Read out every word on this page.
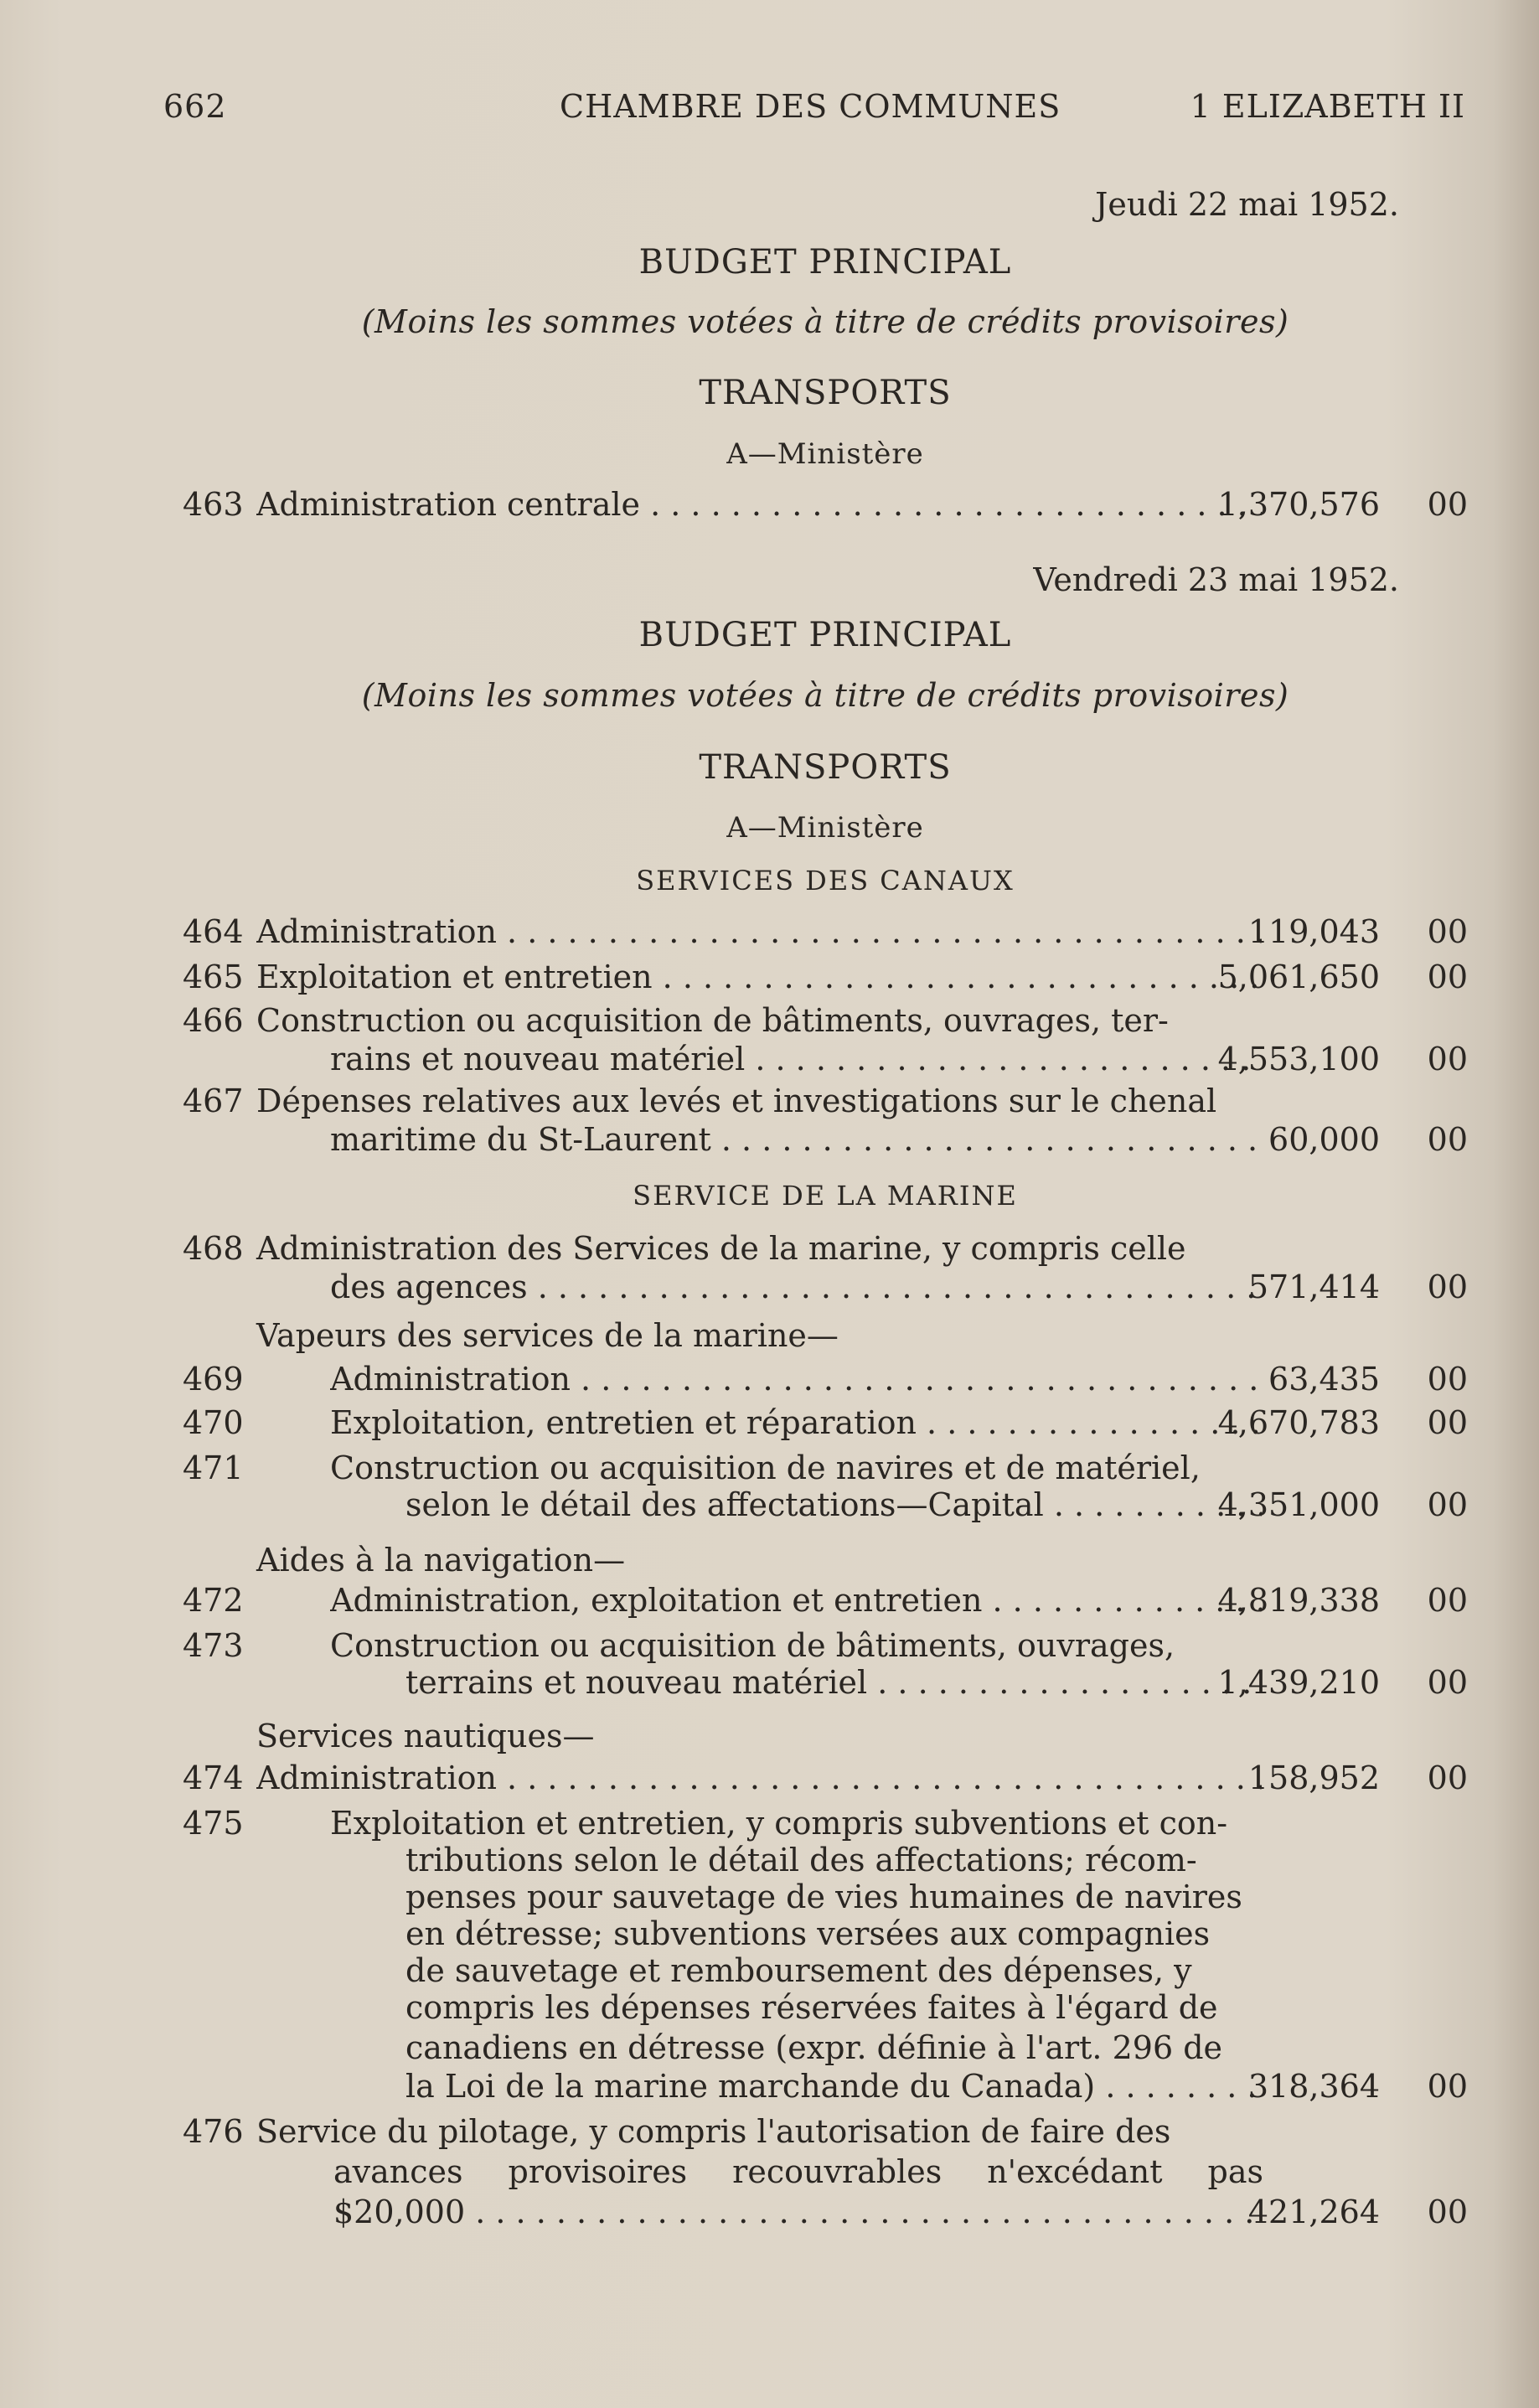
662	CHAMBRE DES COMMUNES	1 ELIZABETH II
Jeudi 22 mai 1952.
BUDGET PRINCIPAL
(Moins les sommes votées à titre de crédits provisoires)
TRANSPORTS
A—Ministère
463 Administration centrale . . .	1,370,576 00
Vendredi 23 mai 1952.
BUDGET PRINCIPAL
(Moins les sommes votées à titre de crédits provisoires)
TRANSPORTS
A—Ministère
SERVICES DES CANAUX
464 Administration . . .	119,043 00
465 Exploitation et entretien . . .	5,061,650 00
466 Construction ou acquisition de bâtiments, ouvrages, ter-
rains et nouveau matériel . . .	4,553,100 00
467 Dépenses relatives aux levés et investigations sur le chenal
maritime du St-Laurent . . .	60,000 00
SERVICE DE LA MARINE
468 Administration des Services de la marine, y compris celle
des agences . . .	571,414 00
Vapeurs des services de la marine—
469	Administration . . .	63,435 00
470	Exploitation, entretien et réparation . . .	4,670,783 00
471	Construction ou acquisition de navires et de matériel,
selon le détail des affectations—Capital . . .	4,351,000 00
Aides à la navigation—
472	Administration, exploitation et entretien . . .	4,819,338 00
473	Construction ou acquisition de bâtiments, ouvrages,
terrains et nouveau matériel . . .	1,439,210 00
Services nautiques—
474 Administration . . .	158,952 00
475	Exploitation et entretien, y compris subventions et con-
tributions selon le détail des affectations; récom-
penses pour sauvetage de vies humaines de navires
en détresse; subventions versées aux compagnies
de sauvetage et remboursement des dépenses, y
compris les dépenses réservées faites à l'égard de
canadiens en détresse (expr. définie à l'art. 296 de
la Loi de la marine marchande du Canada) . . .	318,364 00
476 Service du pilotage, y compris l'autorisation de faire des
avances provisoires recouvrables n'excédant pas
$20,000 . . .	421,264 00
